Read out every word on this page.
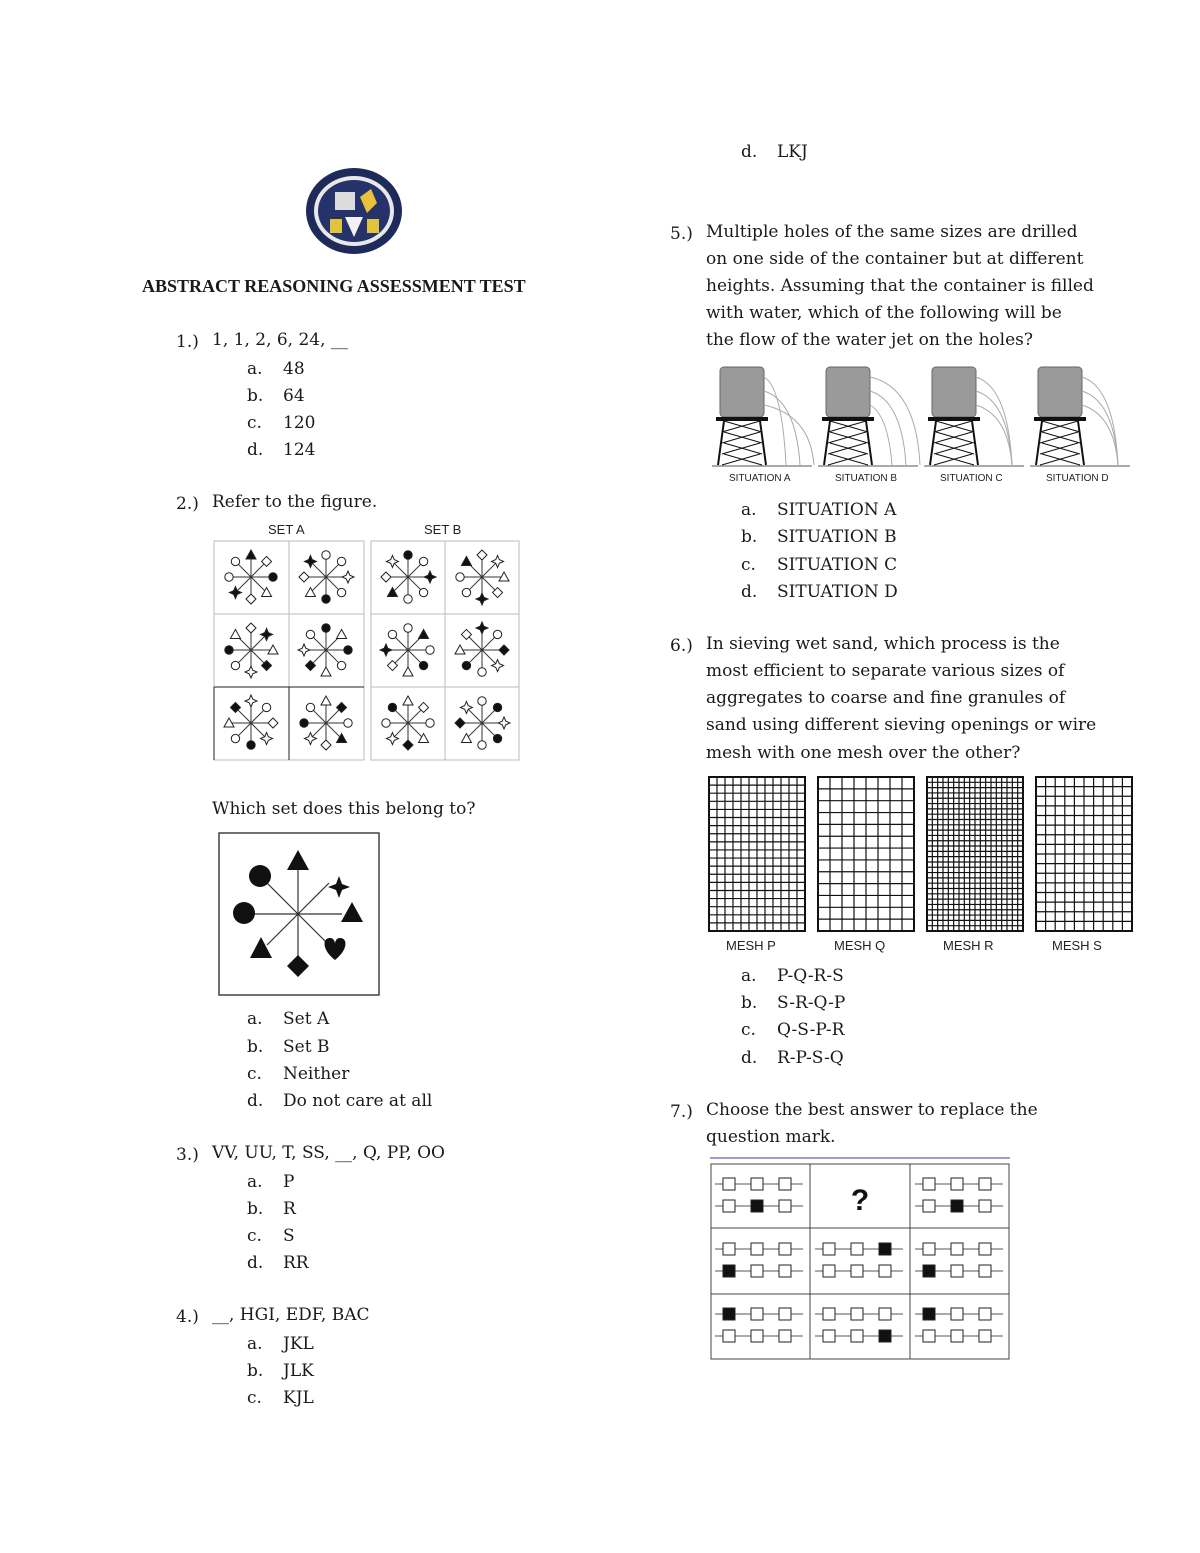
ABSTRACT REASONING ASSESSMENT TEST
1.) 1, 1, 2, 6, 24, __
a. 48
b. 64
c. 120
d. 124
2.) Refer to the figure.
SET A	SET B
Which set does this belong to?
a. Set A
b. Set B
c. Neither
d. Do not care at all
3.) VV, UU, T, SS, __, Q, PP, OO
a. P
b. R
c. S
d. RR
4.) __, HGI, EDF, BAC
a. JKL
b. JLK
c. KJL
d. LKJ
5.) Multiple holes of the same sizes are drilled
on one side of the container but at different
heights. Assuming that the container is filled
with water, which of the following will be
the flow of the water jet on the holes?
SITUATION A	SITUATION B	SITUATION C	SITUATION D
a. SITUATION A
b. SITUATION B
c. SITUATION C
d. SITUATION D
6.) In sieving wet sand, which process is the
most efficient to separate various sizes of
aggregates to coarse and fine granules of
sand using different sieving openings or wire
mesh with one mesh over the other?
MESH P	MESH Q	MESH R	MESH S
a. P-Q-R-S
b. S-R-Q-P
c. Q-S-P-R
d. R-P-S-Q
7.) Choose the best answer to replace the
question mark.
?
